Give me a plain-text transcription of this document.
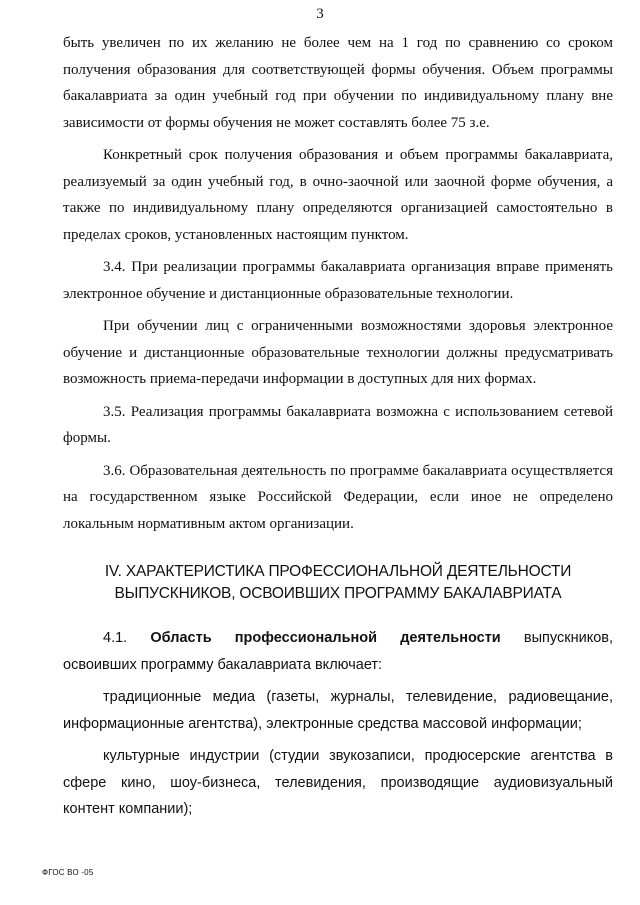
3

быть увеличен по их желанию не более чем на 1 год по сравнению со сроком получения образования для соответствующей формы обучения. Объем программы бакалавриата за один учебный год при обучении по индивидуальному плану вне зависимости от формы обучения не может составлять более 75 з.е.

Конкретный срок получения образования и объем программы бакалавриата, реализуемый за один учебный год, в очно-заочной или заочной форме обучения, а также по индивидуальному плану определяются организацией самостоятельно в пределах сроков, установленных настоящим пунктом.

3.4. При реализации программы бакалавриата организация вправе применять электронное обучение и дистанционные образовательные технологии.

При обучении лиц с ограниченными возможностями здоровья электронное обучение и дистанционные образовательные технологии должны предусматривать возможность приема-передачи информации в доступных для них формах.

3.5. Реализация программы бакалавриата возможна с использованием сетевой формы.

3.6. Образовательная деятельность по программе бакалавриата осуществляется на государственном языке Российской Федерации, если иное не определено локальным нормативным актом организации.

IV. ХАРАКТЕРИСТИКА ПРОФЕССИОНАЛЬНОЙ ДЕЯТЕЛЬНОСТИ
ВЫПУСКНИКОВ, ОСВОИВШИХ ПРОГРАММУ БАКАЛАВРИАТА

4.1. Область профессиональной деятельности выпускников, освоивших программу бакалавриата включает:

традиционные медиа (газеты, журналы, телевидение, радиовещание, информационные агентства), электронные средства массовой информации;

культурные индустрии (студии звукозаписи, продюсерские агентства в сфере кино, шоу-бизнеса, телевидения, производящие аудиовизуальный контент компании);

ФГОС ВО -05
